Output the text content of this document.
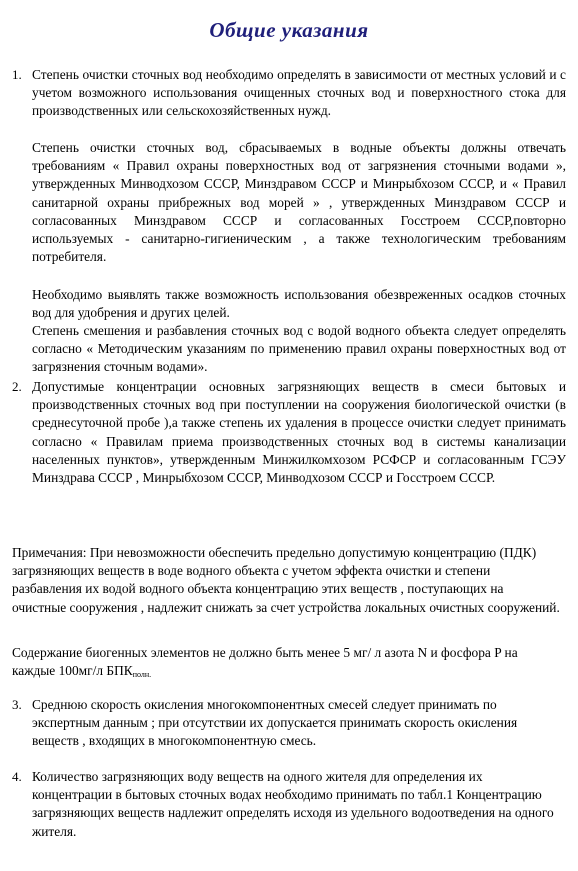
Общие указания
1. Степень очистки сточных вод необходимо определять в зависимости от местных условий и с учетом возможного использования очищенных сточных вод и поверхностного стока для производственных или сельскохозяйственных нужд.
Степень очистки сточных вод, сбрасываемых в водные объекты должны отвечать требованиям « Правил охраны поверхностных вод от загрязнения сточными водами », утвержденных Минводхозом СССР, Минздравом СССР и Минрыбхозом СССР, и « Правил санитарной охраны прибрежных вод морей » , утвержденных Минздравом СССР и согласованных Минздравом СССР и согласованных Госстроем СССР,повторно используемых - санитарно-гигиеническим , а также технологическим требованиям потребителя.
Необходимо выявлять также возможность использования обезвреженных осадков сточных вод для удобрения и других целей.
Степень смешения и разбавления сточных вод с водой водного объекта следует определять согласно « Методическим указаниям по применению правил охраны поверхностных вод от загрязнения сточным водами».
2. Допустимые концентрации основных загрязняющих веществ в смеси бытовых и производственных сточных вод при поступлении на сооружения биологической очистки (в среднесуточной пробе ),а также степень их удаления в процессе очистки следует принимать согласно « Правилам приема производственных сточных вод в системы канализации населенных пунктов», утвержденным Минжилкомхозом РСФСР и согласованным ГСЭУ Минздрава СССР , Минрыбхозом СССР, Минводхозом СССР и Госстроем СССР.
Примечания: При невозможности обеспечить предельно допустимую концентрацию (ПДК) загрязняющих веществ в воде водного объекта с учетом эффекта очистки и степени разбавления их водой водного объекта концентрацию этих веществ , поступающих на очистные сооружения , надлежит снижать за счет устройства локальных очистных сооружений.
Содержание биогенных элементов не должно быть менее 5 мг/ л азота N и фосфора P на каждые 100мг/л $БПК_{полн.}$
3. Среднюю скорость окисления многокомпонентных смесей следует принимать по экспертным данным ; при отсутствии их допускается принимать скорость окисления веществ , входящих в многокомпонентную смесь.
4. Количество загрязняющих воду веществ на одного жителя для определения их концентрации в бытовых сточных водах необходимо принимать по табл.1 Концентрацию загрязняющих веществ надлежит определять исходя из удельного водоотведения на одного жителя.
